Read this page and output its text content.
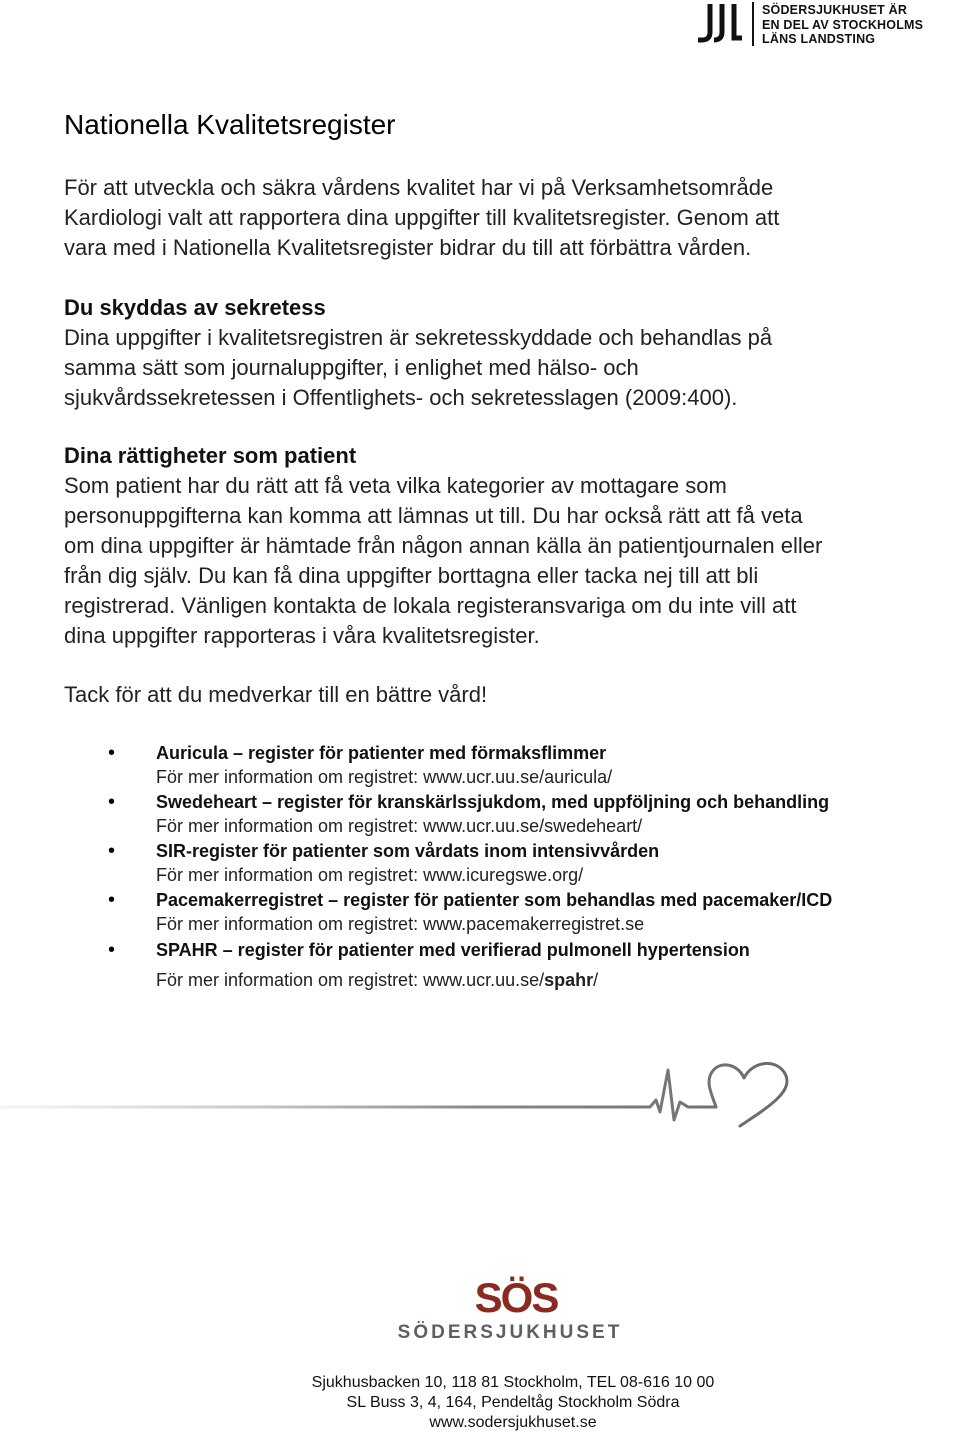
SÖDERSJUKHUSET ÄR
EN DEL AV STOCKHOLMS
LÄNS LANDSTING
Nationella Kvalitetsregister
För att utveckla och säkra vårdens kvalitet har vi på Verksamhetsområde
Kardiologi valt att rapportera dina uppgifter till kvalitetsregister. Genom att
vara med i Nationella Kvalitetsregister bidrar du till att förbättra vården.
Du skyddas av sekretess
Dina uppgifter i kvalitetsregistren är sekretesskyddade och behandlas på
samma sätt som journaluppgifter, i enlighet med hälso- och
sjukvårdssekretessen i Offentlighets- och sekretesslagen (2009:400).
Dina rättigheter som patient
Som patient har du rätt att få veta vilka kategorier av mottagare som
personuppgifterna kan komma att lämnas ut till. Du har också rätt att få veta
om dina uppgifter är hämtade från någon annan källa än patientjournalen eller
från dig själv. Du kan få dina uppgifter borttagna eller tacka nej till att bli
registrerad. Vänligen kontakta de lokala registeransvariga om du inte vill att
dina uppgifter rapporteras i våra kvalitetsregister.
Tack för att du medverkar till en bättre vård!
• Auricula – register för patienter med förmaksflimmer
För mer information om registret: www.ucr.uu.se/auricula/
• Swedeheart – register för kranskärlssjukdom, med uppföljning och behandling
För mer information om registret: www.ucr.uu.se/swedeheart/
• SIR-register för patienter som vårdats inom intensivvården
För mer information om registret: www.icuregswe.org/
• Pacemakerregistret – register för patienter som behandlas med pacemaker/ICD
För mer information om registret: www.pacemakerregistret.se
• SPAHR – register för patienter med verifierad pulmonell hypertension
För mer information om registret: www.ucr.uu.se/spahr/
SÖS
SÖDERSJUKHUSET
Sjukhusbacken 10, 118 81 Stockholm, TEL 08-616 10 00
SL Buss 3, 4, 164, Pendeltåg Stockholm Södra
www.sodersjukhuset.se
